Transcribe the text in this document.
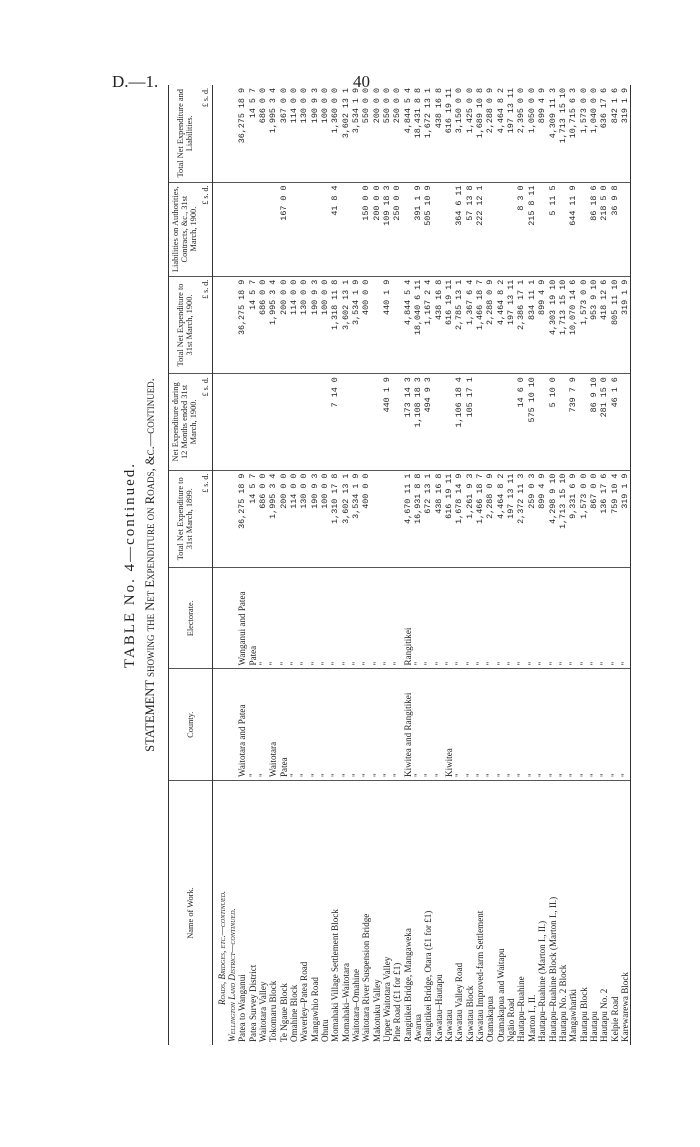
D.—1.	40
TABLE No. 4—continued. STATEMENT showing the Net Expenditure on Roads, &c.—continued.
Name of Work.	County.	Electorate.	Total Net Expenditure to 31st March, 1899.	Net Expenditure during 12 Months ended 31st March, 1900.	Total Net Expenditure to 31st March, 1900.	Liabilities on Authorities, Contracts, &c., 31st March, 1900.	Total Net Expenditure and Liabilities.
			£ s. d.	£ s. d.	£ s. d.	£ s. d.	£ s. d.
Roads, Bridges, etc.—continued.							
Wellington Land District—continued.							
Patea to Wanganui	Waitotara and Patea	Wanganui and Patea	36,275 18 9		36,275 18 9		36,275 18 9
Patea Survey District	"	Patea	14 5 7		14 5 7		14 5 7
Waitotara Valley	"	"	686 0 0		686 0 0		686 0 0
Tokomaru Block	Waitotara	"	1,995 3 4		1,995 3 4		1,995 3 4
Te Ngaue Block	Patea	"	200 0 0		200 0 0	167 0 0	367 0 0
Omahine Block	"	"	114 0 0		114 0 0		114 0 0
Waverley–Patea Road	"	"	130 0 0		130 0 0		130 0 0
Mangawhio Road	"	"	190 9 3		190 9 3		190 9 3
Ohutu	"	"	100 0 0		100 0 0		100 0 0
Momahaki Village Settlement Block	"	"	1,310 17 8	7 14 0	1,318 11 8	41 8 4	1,360 0 0
Momahaki–Waitotara	"	"	3,602 13 1		3,602 13 1		3,602 13 1
Waitotara–Omahine	"	"	3,534 1 9		3,534 1 9		3,534 1 9
Waitotara River Suspension Bridge	"	"	400 0 0		400 0 0	150 0 0	550 0 0
Makotuku Valley	"	"				200 0 0	200 0 0
Upper Waitotara Valley	"	"		440 1 9	440 1 9	109 18 3	550 0 0
Pine Road (£1 for £1)	"	"				250 0 0	250 0 0
Rangitikei Bridge, Mangaweka	Kiwitea and Rangitikei	Rangitikei	4,670 11 1	173 14 3	4,844 5 4		4,844 5 4
Awarua	"	"	16,931 8 8	1,108 18 3	18,040 6 11	391 1 9	18,431 8 8
Rangitikei Bridge, Otara (£1 for £1)	"	"	672 13 1	494 9 3	1,167 2 4	505 10 9	1,672 13 1
Kawatau–Hautapu	"	"	438 16 8		438 16 8		438 16 8
Kawatau	Kiwitea	"	616 19 11		616 19 11		616 19 11
Kawatau Valley Road	"	"	1,678 14 9	1,106 18 4	2,785 13 1	364 6 11	3,150 0 0
Kawatau Block	"	"	1,261 9 3	105 17 1	1,367 6 4	57 13 8	1,425 0 0
Kawatau Improved-farm Settlement	"	"	1,466 18 7		1,466 18 7	222 12 1	1,689 10 8
Otamakapua	"	"	2,288 0 9		2,288 0 9		2,288 0 9
Otamakapua and Waitapu	"	"	4,464 8 2		4,464 8 2		4,464 8 2
Ngāio Road	"	"	197 13 11		197 13 11		197 13 11
Hautapu–Ruahine	"	"	2,372 11 3	14 6 0	2,386 17 1	8 3 0	2,395 0 0
Marton I., II.	"	"	259 0 3	575 10 10	834 11 1	215 8 11	1,050 0 0
Hautapu–Ruahine (Marton I., II.)	"	"	899 4 9		899 4 9		899 4 9
Hautapu–Ruahine Block (Marton I., II.)	"	"	4,298 9 10	5 10 0	4,303 19 10	5 11 5	4,309 11 3
Hautapu No. 2 Block	"	"	1,713 15 10		1,713 15 10		1,713 15 10
Mangawharīki	"	"	9,331 6 9	739 7 9	10,070 14 6	644 11 9	10,715 6 3
Hautapu Block	"	"	1,573 0 0		1,573 0 0		1,573 0 0
Hautapu	"	"	867 0 0	86 9 10	953 9 10	86 18 6	1,040 0 0
Hautapu No. 2	"	"	136 17 6	281 15 0	418 12 6	218 5 0	636 17 6
Kelpie Road	"	"	759 10 4	46 1 6	805 11 10	36 9 8	842 1 6
Karewarewa Block	"	"	319 1 9		319 1 9		319 1 9
